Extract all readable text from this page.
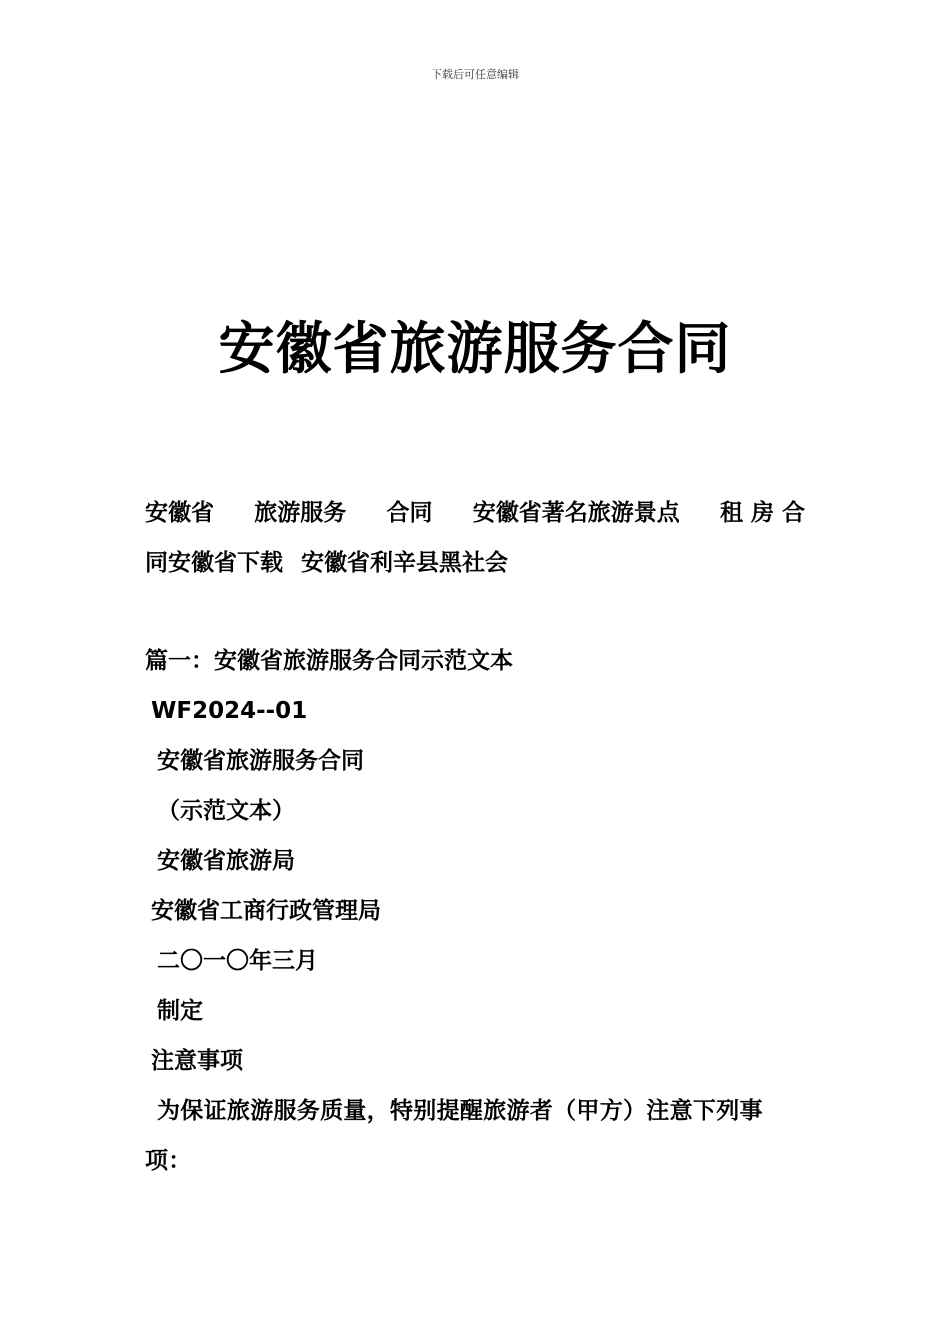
下载后可任意编辑
安徽省旅游服务合同
安徽省 旅游服务 合同 安徽省著名旅游景点 租 房 合
同安徽省下载 安徽省利辛县黑社会
篇一：安徽省旅游服务合同示范文本
WF2024--01
安徽省旅游服务合同
（示范文本）
安徽省旅游局
安徽省工商行政管理局
二〇一〇年三月
制定
注意事项
为保证旅游服务质量，特别提醒旅游者（甲方）注意下列事项：
